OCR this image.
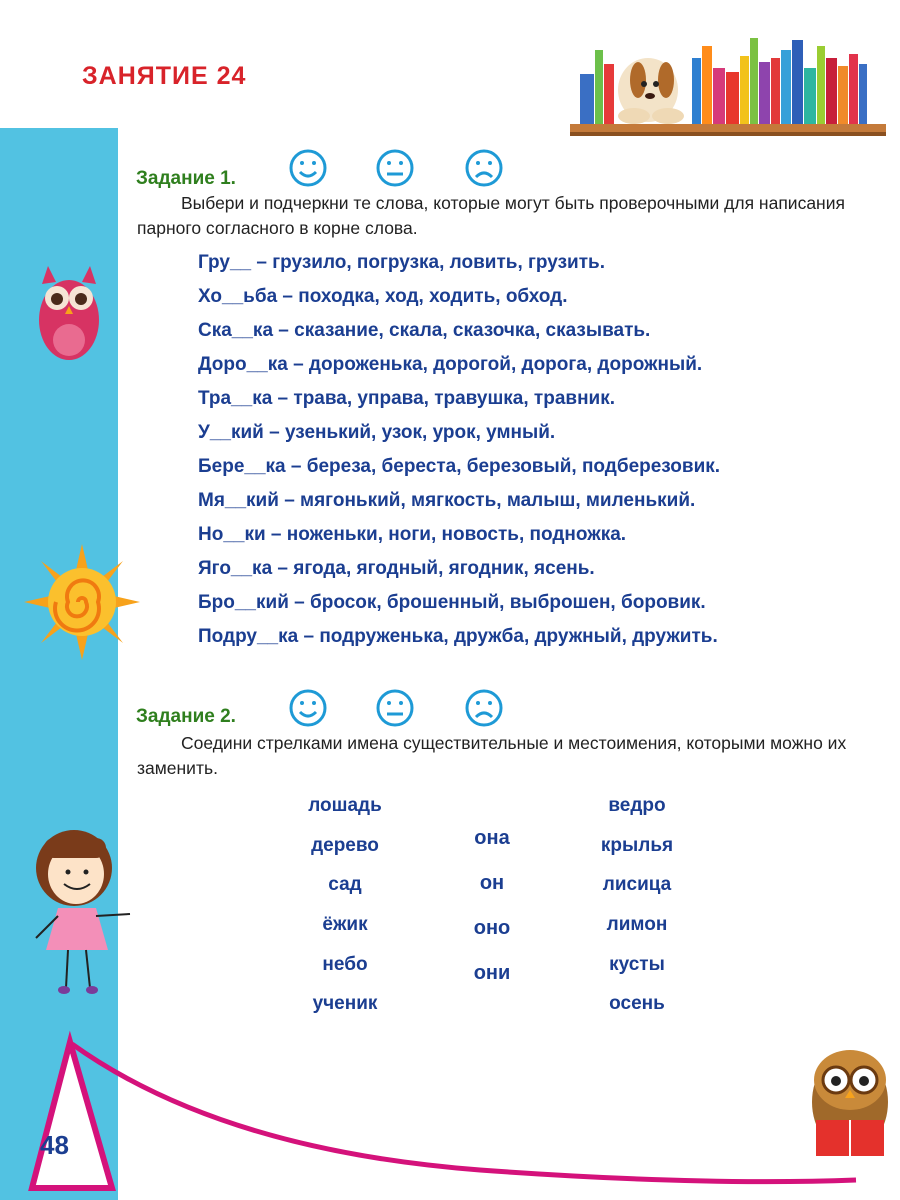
ЗАНЯТИЕ 24
Задание 1.
Выбери и подчеркни те слова, которые могут быть проверочными для написания парного согласного в корне слова.
Гру__ – грузило, погрузка, ловить, грузить.
Хо__ьба – походка, ход, ходить, обход.
Ска__ка – сказание, скала, сказочка, сказывать.
Доро__ка – дороженька, дорогой, дорога, дорожный.
Тра__ка – трава, управа, травушка, травник.
У__кий – узенький, узок, урок, умный.
Бере__ка – береза, береста, березовый, подберезовик.
Мя__кий – мягонький, мягкость, малыш, миленький.
Но__ки – ноженьки, ноги, новость, подножка.
Яго__ка – ягода, ягодный, ягодник, ясень.
Бро__кий – бросок, брошенный, выброшен, боровик.
Подру__ка – подруженька, дружба, дружный, дружить.
Задание 2.
Соедини стрелками имена существительные и местоимения, которыми можно их заменить.
лошадь
дерево
сад
ёжик
небо
ученик
она
он
оно
они
ведро
крылья
лисица
лимон
кусты
осень
48
